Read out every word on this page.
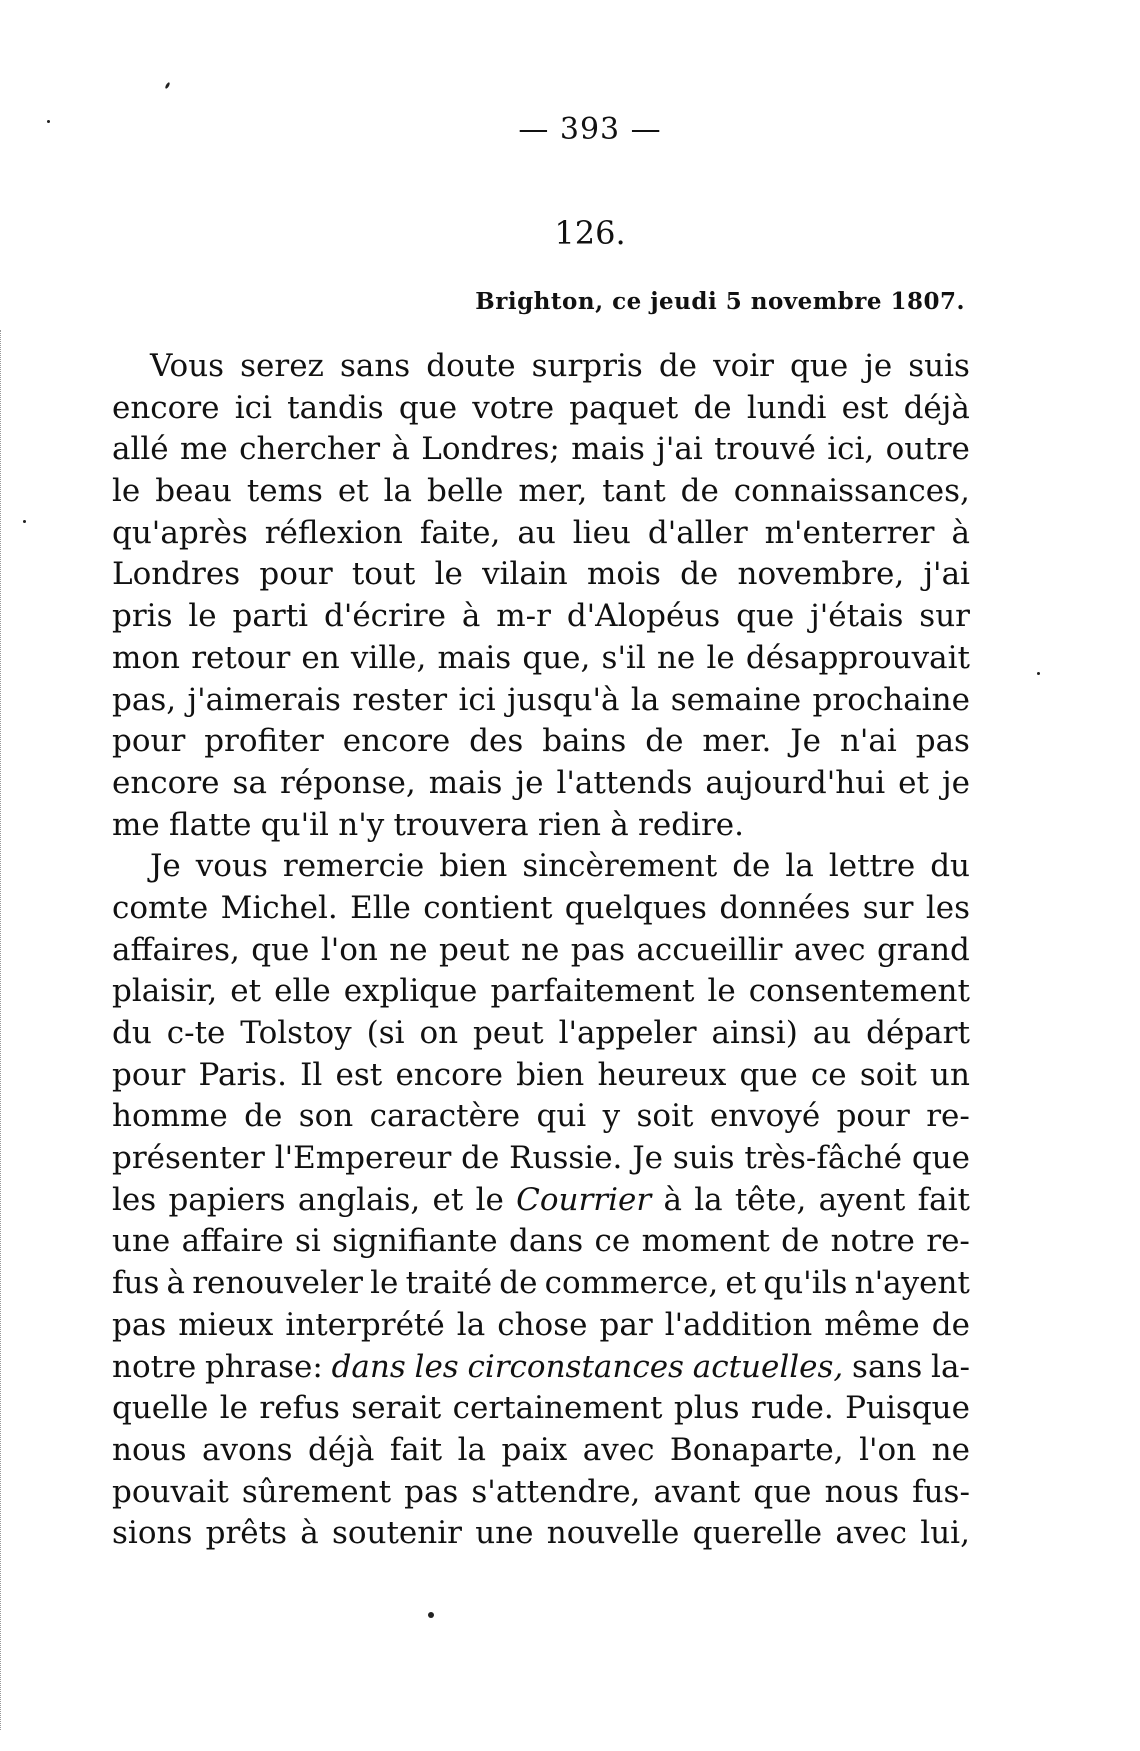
— 393 —
126.
Brighton, ce jeudi 5 novembre 1807.
Vous serez sans doute surpris de voir que je suis
encore ici tandis que votre paquet de lundi est déjà
allé me chercher à Londres; mais j'ai trouvé ici, outre
le beau tems et la belle mer, tant de connaissances,
qu'après réflexion faite, au lieu d'aller m'enterrer à
Londres pour tout le vilain mois de novembre, j'ai
pris le parti d'écrire à m-r d'Alopéus que j'étais sur
mon retour en ville, mais que, s'il ne le désapprouvait
pas, j'aimerais rester ici jusqu'à la semaine prochaine
pour profiter encore des bains de mer. Je n'ai pas
encore sa réponse, mais je l'attends aujourd'hui et je
me flatte qu'il n'y trouvera rien à redire.
Je vous remercie bien sincèrement de la lettre du
comte Michel. Elle contient quelques données sur les
affaires, que l'on ne peut ne pas accueillir avec grand
plaisir, et elle explique parfaitement le consentement
du c-te Tolstoy (si on peut l'appeler ainsi) au départ
pour Paris. Il est encore bien heureux que ce soit un
homme de son caractère qui y soit envoyé pour re-
présenter l'Empereur de Russie. Je suis très-fâché que
les papiers anglais, et le Courrier à la tête, ayent fait
une affaire si signifiante dans ce moment de notre re-
fus à renouveler le traité de commerce, et qu'ils n'ayent
pas mieux interprété la chose par l'addition même de
notre phrase: dans les circonstances actuelles, sans la-
quelle le refus serait certainement plus rude. Puisque
nous avons déjà fait la paix avec Bonaparte, l'on ne
pouvait sûrement pas s'attendre, avant que nous fus-
sions prêts à soutenir une nouvelle querelle avec lui,
